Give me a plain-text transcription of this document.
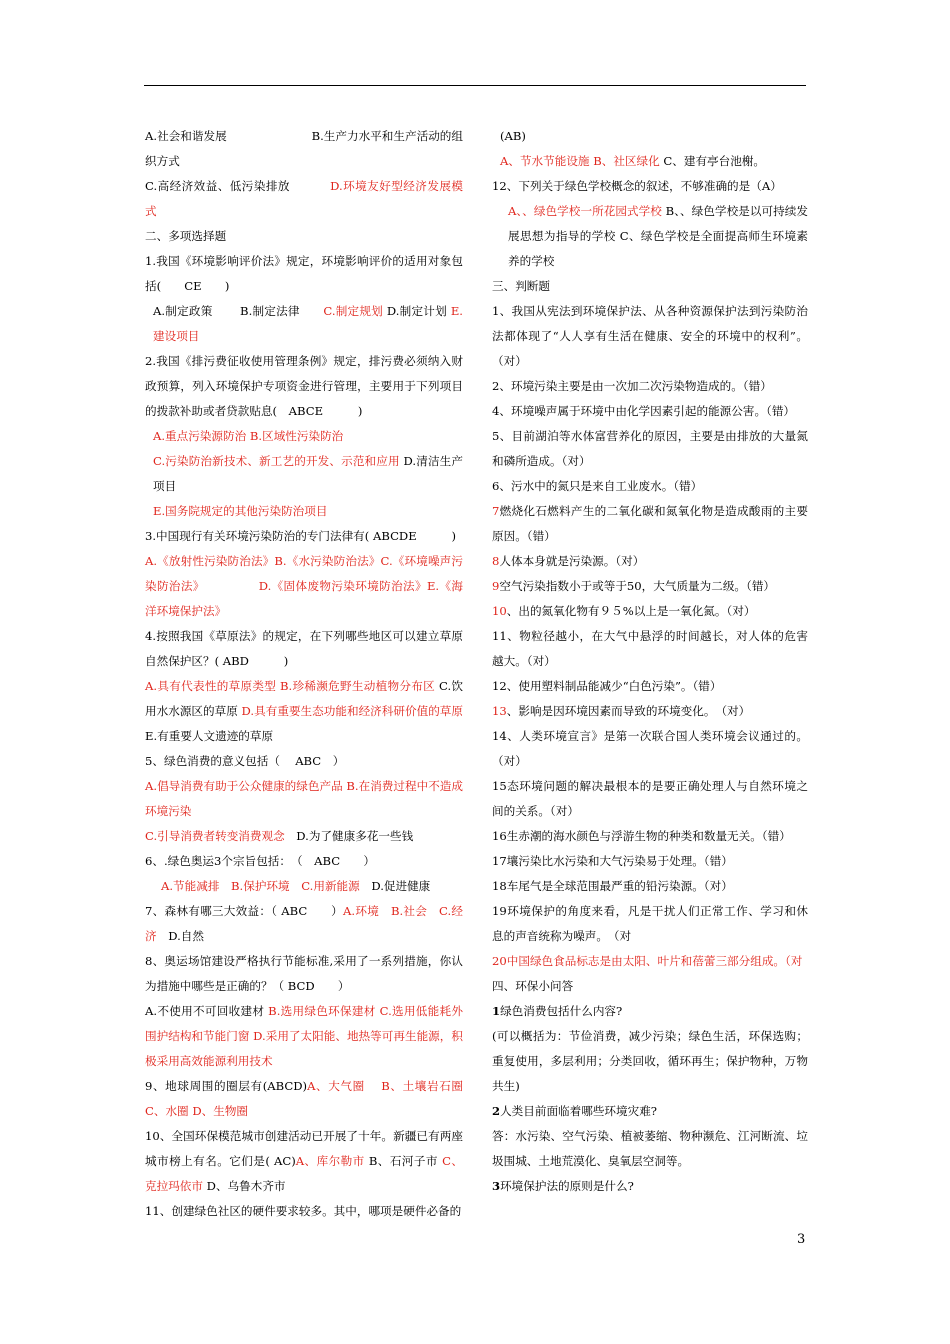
A.社会和谐发展　　　　　　　 B.生产力水平和生产活动的组织方式

C.高经济效益、低污染排放　　　 D.环境友好型经济发展模式

二、多项选择题

1.我国《环境影响评价法》规定，环境影响评价的适用对象包括(　　CE　　)

A.制定政策　　 B.制定法律　　C.制定规划 D.制定计划 E.建设项目

2.我国《排污费征收使用管理条例》规定，排污费必须纳入财政预算，列入环境保护专项资金进行管理，主要用于下列项目的拨款补助或者贷款贴息(　ABCE　　　)

A.重点污染源防治 B.区域性污染防治

C.污染防治新技术、新工艺的开发、示范和应用 D.清洁生产项目

E.国务院规定的其他污染防治项目

3.中国现行有关环境污染防治的专门法律有( ABCDE　　　)

A.《放射性污染防治法》B.《水污染防治法》C.《环境噪声污染防治法》　　　　　D.《固体废物污染环境防治法》E.《海洋环境保护法》

4.按照我国《草原法》的规定，在下列哪些地区可以建立草原自然保护区？( ABD　　　)

A.具有代表性的草原类型 B.珍稀濒危野生动植物分布区 C.饮用水水源区的草原 D.具有重要生态功能和经济科研价值的草原 E.有重要人文遗迹的草原

5、绿色消费的意义包括（　 ABC　）

A.倡导消费有助于公众健康的绿色产品 B.在消费过程中不造成环境污染

C.引导消费者转变消费观念　D.为了健康多花一些钱

6、.绿色奥运3个宗旨包括：　（　ABC　　）

A.节能减排　B.保护环境　C.用新能源　D.促进健康

7、森林有哪三大效益：（ ABC　　）A.环境　B.社会　C.经济　D.自然

8、奥运场馆建设严格执行节能标准,采用了一系列措施，你认为措施中哪些是正确的？（ BCD　　）

A.不使用不可回收建材 B.选用绿色环保建材 C.选用低能耗外围护结构和节能门窗 D.采用了太阳能、地热等可再生能源，积极采用高效能源利用技术

9、地球周围的圈层有(ABCD)A、大气圈　 B、土壤岩石圈　 C、水圈 D、生物圈

10、全国环保模范城市创建活动已开展了十年。新疆已有两座城市榜上有名。它们是( AC)A、库尔勒市 B、石河子市 C、克拉玛依市 D、乌鲁木齐市

11、创建绿色社区的硬件要求较多。其中，哪项是硬件必备的

(AB)

A、节水节能设施 B、社区绿化 C、建有亭台池榭。

12、下列关于绿色学校概念的叙述，不够准确的是（A）

A、、绿色学校一所花园式学校 B、、绿色学校是以可持续发展思想为指导的学校 C、绿色学校是全面提高师生环境素养的学校

三、判断题

1、我国从宪法到环境保护法、从各种资源保护法到污染防治法都体现了“人人享有生活在健康、安全的环境中的权利”。（对）

2、环境污染主要是由一次加二次污染物造成的。（错）

4、环境噪声属于环境中由化学因素引起的能源公害。（错）

5、目前湖泊等水体富营养化的原因，主要是由排放的大量氮和磷所造成。（对）

6、污水中的氮只是来自工业废水。（错）

7燃烧化石燃料产生的二氧化碳和氮氧化物是造成酸雨的主要原因。（错）

8人体本身就是污染源。（对）

9空气污染指数小于或等于50，大气质量为二级。（错）

10、出的氮氧化物有９５%以上是一氧化氮。（对）

11、物粒径越小，在大气中悬浮的时间越长，对人体的危害越大。（对）

12、使用塑料制品能减少“白色污染”。（错）

13、影响是因环境因素而导致的环境变化。　（对）

14、人类环境宣言》是第一次联合国人类环境会议通过的。（对）

15态环境问题的解决最根本的是要正确处理人与自然环境之间的关系。（对）

16生赤潮的海水颜色与浮游生物的种类和数量无关。（错）

17壤污染比水污染和大气污染易于处理。（错）

18车尾气是全球范围最严重的铅污染源。（对）

19环境保护的角度来看，凡是干扰人们正常工作、学习和休息的声音统称为噪声。　（对

20中国绿色食品标志是由太阳、叶片和蓓蕾三部分组成。（对

四、环保小问答

1绿色消费包括什么内容?

(可以概括为：节俭消费，减少污染；绿色生活，环保选购；重复使用，多层利用；分类回收，循环再生；保护物种，万物共生)

2人类目前面临着哪些环境灾难?

答：水污染、空气污染、植被萎缩、物种濒危、江河断流、垃圾围城、土地荒漠化、臭氧层空洞等。

3环境保护法的原则是什么?

3
